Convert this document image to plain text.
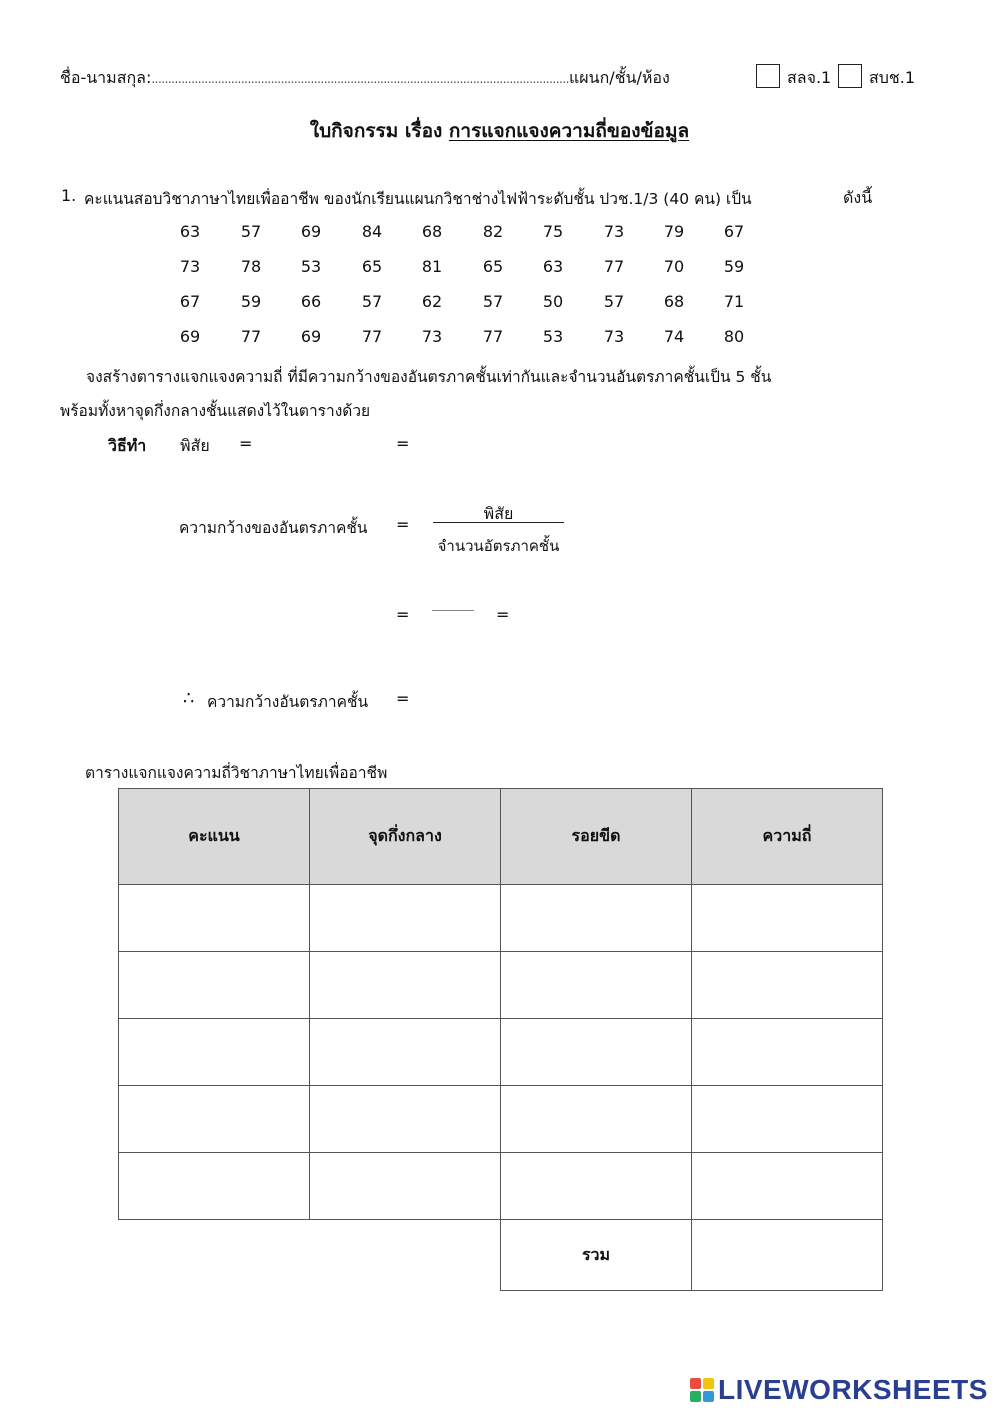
ชื่อ-นามสกุล:..............................................................................................................................แผนก/ชั้น/ห้อง	สลจ.1 สบช.1
ใบกิจกรรม เรื่อง การแจกแจงความถี่ของข้อมูล
1. คะแนนสอบวิชาภาษาไทยเพื่ออาชีพ ของนักเรียนแผนกวิชาช่างไฟฟ้าระดับชั้น ปวช.1/3 (40 คน) เป็น	ดังนี้
63	57	69	84	68	82	75	73	79	67
73	78	53	65	81	65	63	77	70	59
67	59	66	57	62	57	50	57	68	71
69	77	69	77	73	77	53	73	74	80
จงสร้างตารางแจกแจงความถี่ ที่มีความกว้างของอันตรภาคชั้นเท่ากันและจำนวนอันตรภาคชั้นเป็น 5 ชั้น
พร้อมทั้งหาจุดกึ่งกลางชั้นแสดงไว้ในตารางด้วย
วิธีทำ พิสัย =	=
ความกว้างของอันตรภาคชั้น =
พิสัย
จำนวนอัตรภาคชั้น
=	=
∴ ความกว้างอันตรภาคชั้น =
ตารางแจกแจงความถี่วิชาภาษาไทยเพื่ออาชีพ
คะแนน	จุดกึ่งกลาง	รอยขีด	ความถี่

		รวม	
LIVEWORKSHEETS
